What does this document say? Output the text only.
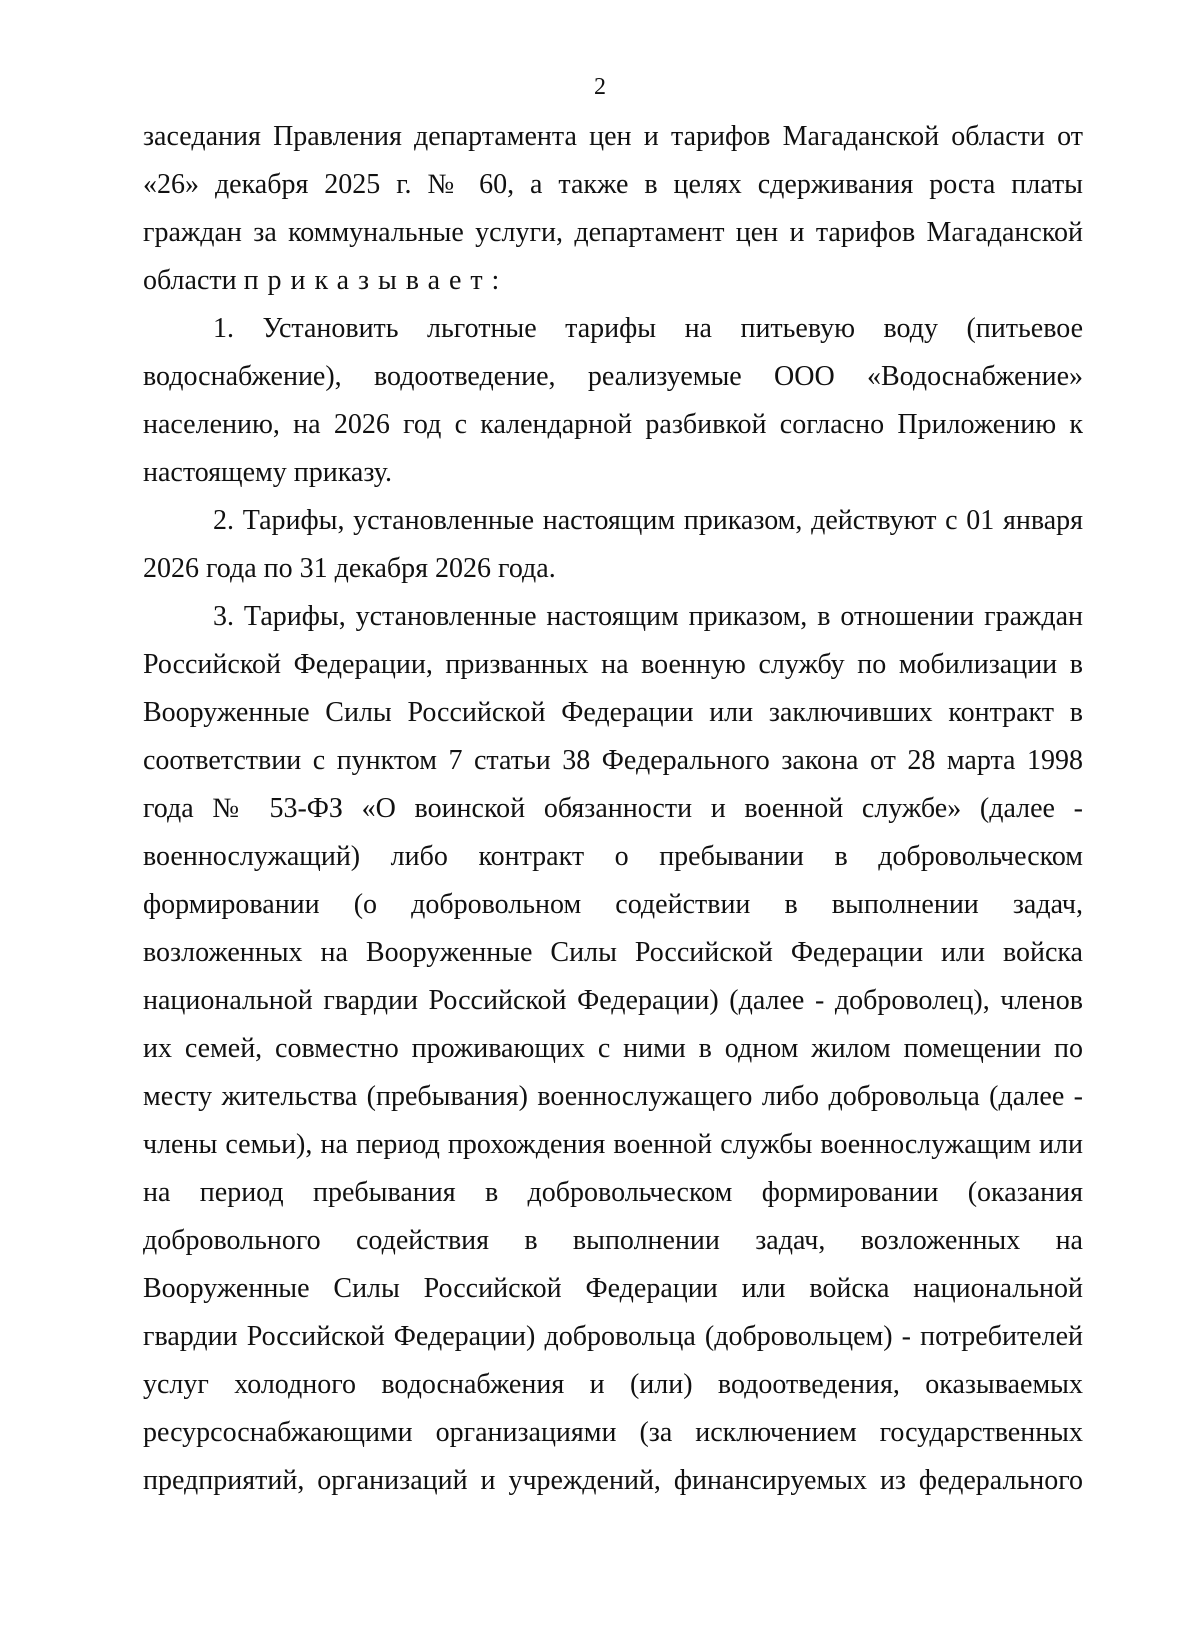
2
заседания Правления департамента цен и тарифов Магаданской области от
«26» декабря 2025 г. № 60, а также в целях сдерживания роста платы
граждан за коммунальные услуги, департамент цен и тарифов Магаданской
области приказывает:
1. Установить льготные тарифы на питьевую воду (питьевое
водоснабжение), водоотведение, реализуемые ООО «Водоснабжение»
населению, на 2026 год с календарной разбивкой согласно Приложению к
настоящему приказу.
2. Тарифы, установленные настоящим приказом, действуют с 01 января
2026 года по 31 декабря 2026 года.
3. Тарифы, установленные настоящим приказом, в отношении граждан
Российской Федерации, призванных на военную службу по мобилизации в
Вооруженные Силы Российской Федерации или заключивших контракт в
соответствии с пунктом 7 статьи 38 Федерального закона от 28 марта 1998
года № 53-ФЗ «О воинской обязанности и военной службе» (далее -
военнослужащий) либо контракт о пребывании в добровольческом
формировании (о добровольном содействии в выполнении задач,
возложенных на Вооруженные Силы Российской Федерации или войска
национальной гвардии Российской Федерации) (далее - доброволец), членов
их семей, совместно проживающих с ними в одном жилом помещении по
месту жительства (пребывания) военнослужащего либо добровольца (далее -
члены семьи), на период прохождения военной службы военнослужащим или
на период пребывания в добровольческом формировании (оказания
добровольного содействия в выполнении задач, возложенных на
Вооруженные Силы Российской Федерации или войска национальной
гвардии Российской Федерации) добровольца (добровольцем) - потребителей
услуг холодного водоснабжения и (или) водоотведения, оказываемых
ресурсоснабжающими организациями (за исключением государственных
предприятий, организаций и учреждений, финансируемых из федерального
